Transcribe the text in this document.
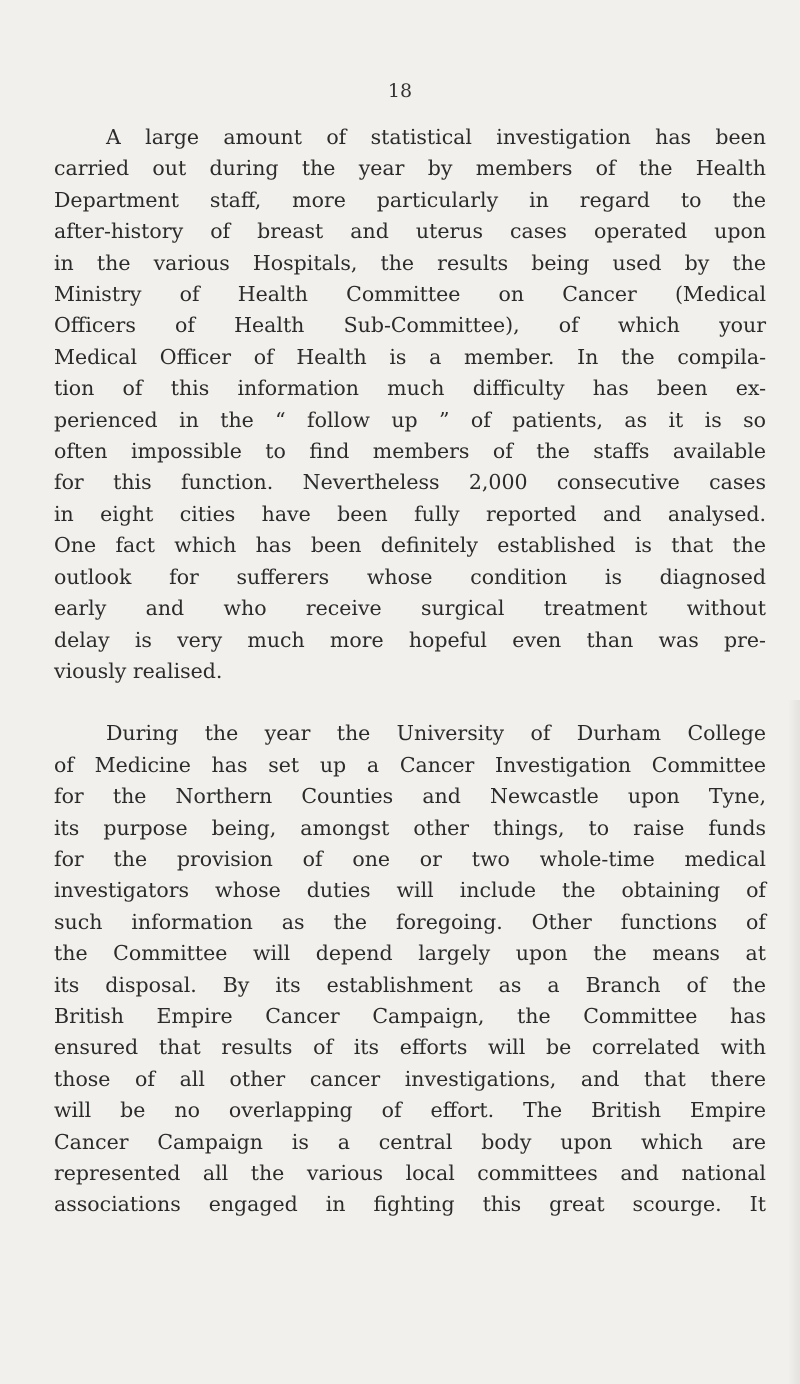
18
A large amount of statistical investigation has been
carried out during the year by members of the Health
Department staff, more particularly in regard to the
after-history of breast and uterus cases operated upon
in the various Hospitals, the results being used by the
Ministry of Health Committee on Cancer (Medical
Officers of Health Sub-Committee), of which your
Medical Officer of Health is a member. In the compila-
tion of this information much difficulty has been ex-
perienced in the “ follow up ” of patients, as it is so
often impossible to find members of the staffs available
for this function. Nevertheless 2,000 consecutive cases
in eight cities have been fully reported and analysed.
One fact which has been definitely established is that the
outlook for sufferers whose condition is diagnosed
early and who receive surgical treatment without
delay is very much more hopeful even than was pre-
viously realised.
During the year the University of Durham College
of Medicine has set up a Cancer Investigation Committee
for the Northern Counties and Newcastle upon Tyne,
its purpose being, amongst other things, to raise funds
for the provision of one or two whole-time medical
investigators whose duties will include the obtaining of
such information as the foregoing. Other functions of
the Committee will depend largely upon the means at
its disposal. By its establishment as a Branch of the
British Empire Cancer Campaign, the Committee has
ensured that results of its efforts will be correlated with
those of all other cancer investigations, and that there
will be no overlapping of effort. The British Empire
Cancer Campaign is a central body upon which are
represented all the various local committees and national
associations engaged in fighting this great scourge. It
